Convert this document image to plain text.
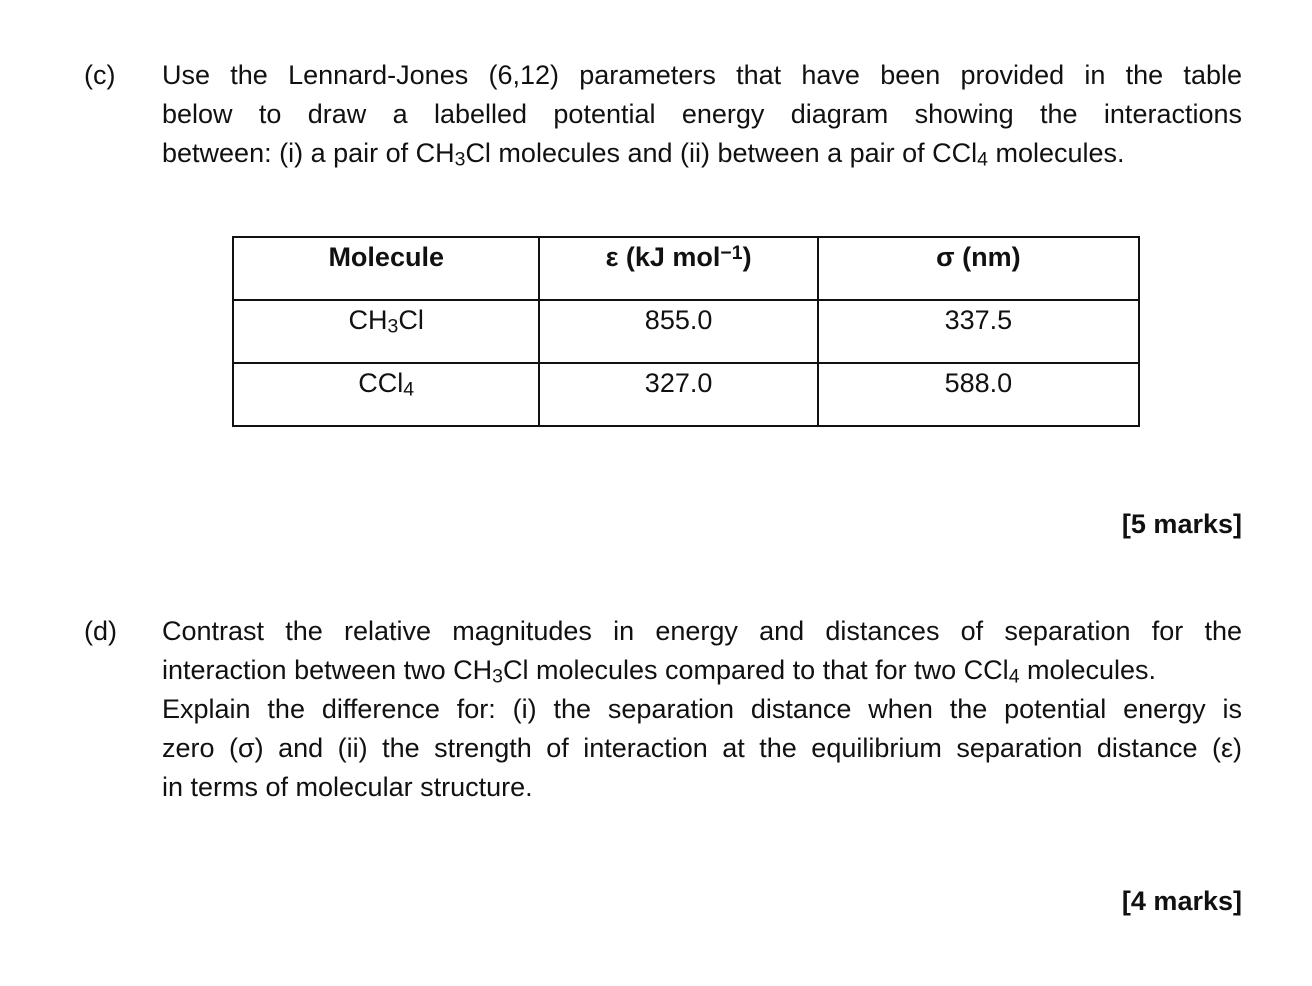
(c) Use the Lennard-Jones (6,12) parameters that have been provided in the table
below to draw a labelled potential energy diagram showing the interactions
between: (i) a pair of $CH_3Cl$ molecules and (ii) between a pair of CCl$_4$ molecules.
Molecule	ε (kJ mol$^{-1}$)	σ (nm)
$CH_3Cl$	855.0	337.5
CCl$_4$	327.0	588.0
[5 marks]
(d) Contrast the relative magnitudes in energy and distances of separation for the
interaction between two $CH_3Cl$ molecules compared to that for two CCl$_4$ molecules.
Explain the difference for: (i) the separation distance when the potential energy is
zero (σ) and (ii) the strength of interaction at the equilibrium separation distance (ε)
in terms of molecular structure.
[4 marks]
